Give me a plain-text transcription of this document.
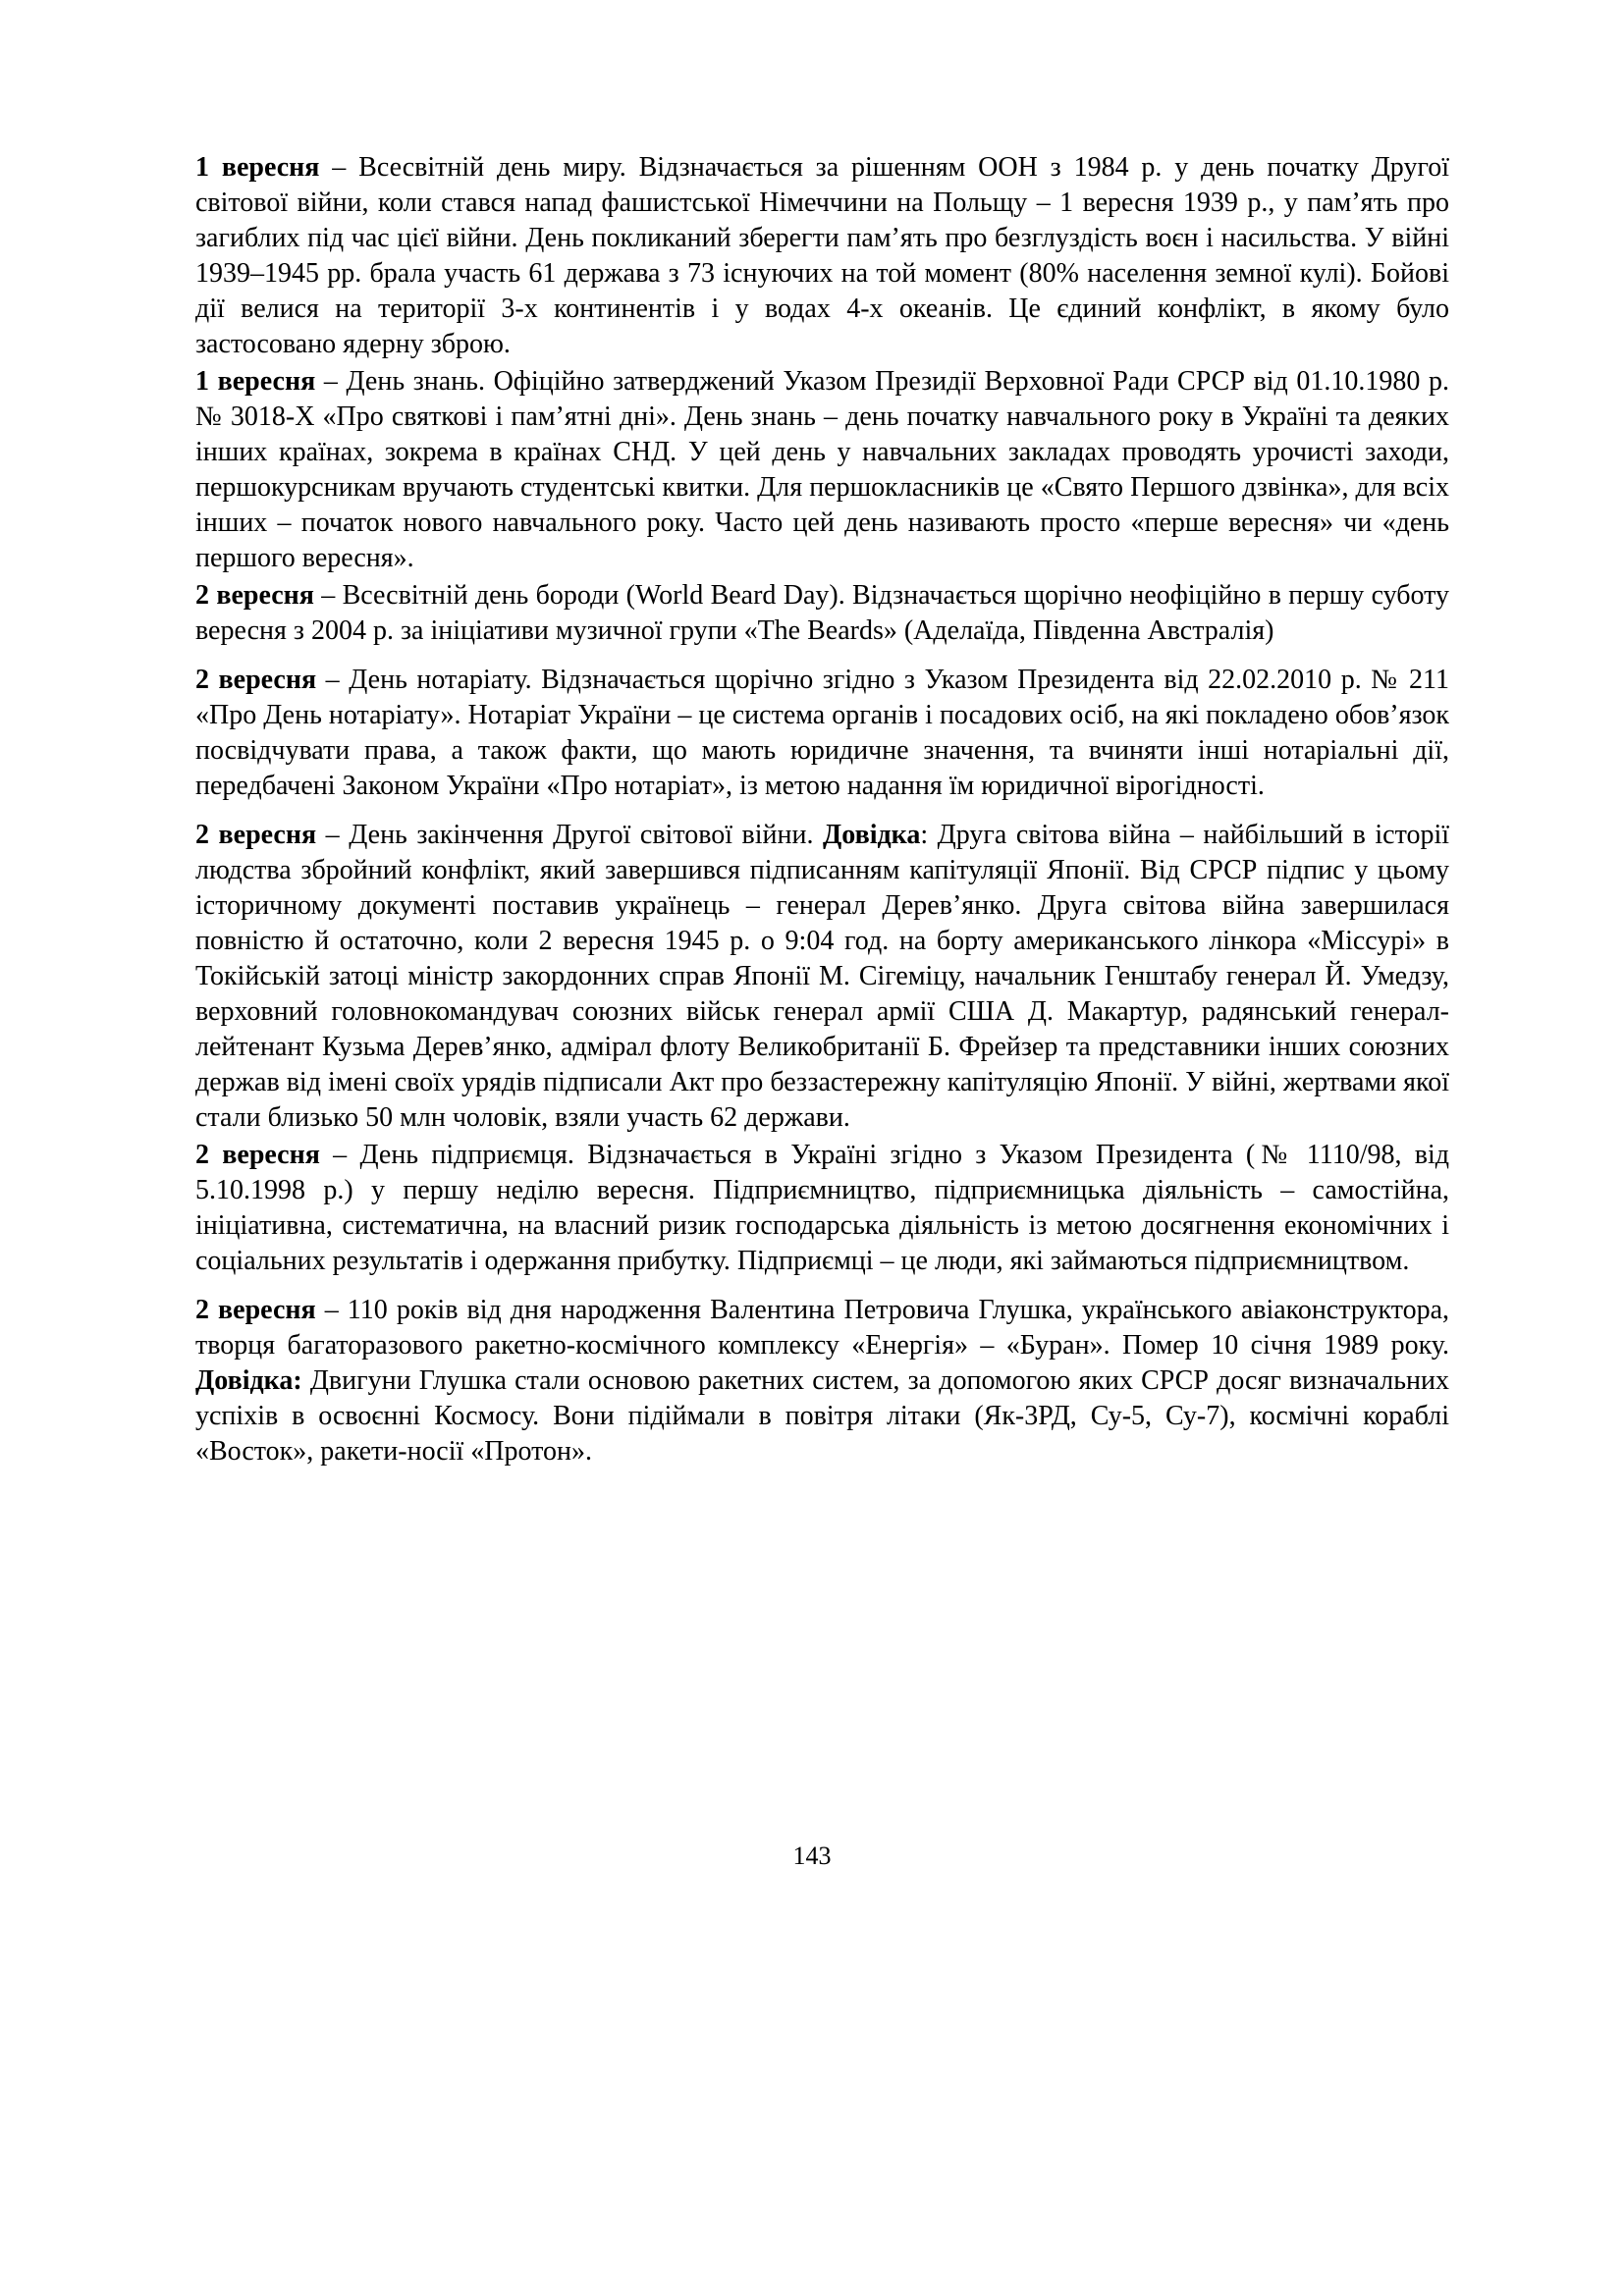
1 вересня – Всесвітній день миру. Відзначається за рішенням ООН з 1984 р. у день початку Другої світової війни, коли стався напад фашистської Німеччини на Польщу – 1 вересня 1939 р., у пам’ять про загиблих під час цієї війни. День покликаний зберегти пам’ять про безглуздість воєн і насильства. У війні 1939–1945 рр. брала участь 61 держава з 73 існуючих на той момент (80% населення земної кулі). Бойові дії велися на території 3-х континентів і у водах 4-х океанів. Це єдиний конфлікт, в якому було застосовано ядерну зброю.
1 вересня – День знань. Офіційно затверджений Указом Президії Верховної Ради СРСР від 01.10.1980 р. № 3018-X «Про святкові і пам’ятні дні». День знань – день початку навчального року в Україні та деяких інших країнах, зокрема в країнах СНД. У цей день у навчальних закладах проводять урочисті заходи, першокурсникам вручають студентські квитки. Для першокласників це «Свято Першого дзвінка», для всіх інших – початок нового навчального року. Часто цей день називають просто «перше вересня» чи «день першого вересня».
2 вересня – Всесвітній день бороди (World Beard Day). Відзначається щорічно неофіційно в першу суботу вересня з 2004 р. за ініціативи музичної групи «The Beards» (Аделаїда, Південна Австралія)
2 вересня – День нотаріату. Відзначається щорічно згідно з Указом Президента від 22.02.2010 р. № 211 «Про День нотаріату». Нотаріат України – це система органів і посадових осіб, на які покладено обов’язок посвідчувати права, а також факти, що мають юридичне значення, та вчиняти інші нотаріальні дії, передбачені Законом України «Про нотаріат», із метою надання їм юридичної вірогідності.
2 вересня – День закінчення Другої світової війни. Довідка: Друга світова війна – найбільший в історії людства збройний конфлікт, який завершився підписанням капітуляції Японії. Від СРСР підпис у цьому історичному документі поставив українець – генерал Дерев’янко. Друга світова війна завершилася повністю й остаточно, коли 2 вересня 1945 р. о 9:04 год. на борту американського лінкора «Міссурі» в Токійській затоці міністр закордонних справ Японії М. Сігеміцу, начальник Генштабу генерал Й. Умедзу, верховний головнокомандувач союзних військ генерал армії США Д. Макартур, радянський генерал-лейтенант Кузьма Дерев’янко, адмірал флоту Великобританії Б. Фрейзер та представники інших союзних держав від імені своїх урядів підписали Акт про беззастережну капітуляцію Японії. У війні, жертвами якої стали близько 50 млн чоловік, взяли участь 62 держави.
2 вересня – День підприємця. Відзначається в Україні згідно з Указом Президента (№ 1110/98, від 5.10.1998 р.) у першу неділю вересня. Підприємництво, підприємницька діяльність – самостійна, ініціативна, систематична, на власний ризик господарська діяльність із метою досягнення економічних і соціальних результатів і одержання прибутку. Підприємці – це люди, які займаються підприємництвом.
2 вересня – 110 років від дня народження Валентина Петровича Глушка, українського авіаконструктора, творця багаторазового ракетно-космічного комплексу «Енергія» – «Буран». Помер 10 січня 1989 року. Довідка: Двигуни Глушка стали основою ракетних систем, за допомогою яких СРСР досяг визначальних успіхів в освоєнні Космосу. Вони підіймали в повітря літаки (Як-3РД, Су-5, Су-7), космічні кораблі «Восток», ракети-носії «Протон».
143
